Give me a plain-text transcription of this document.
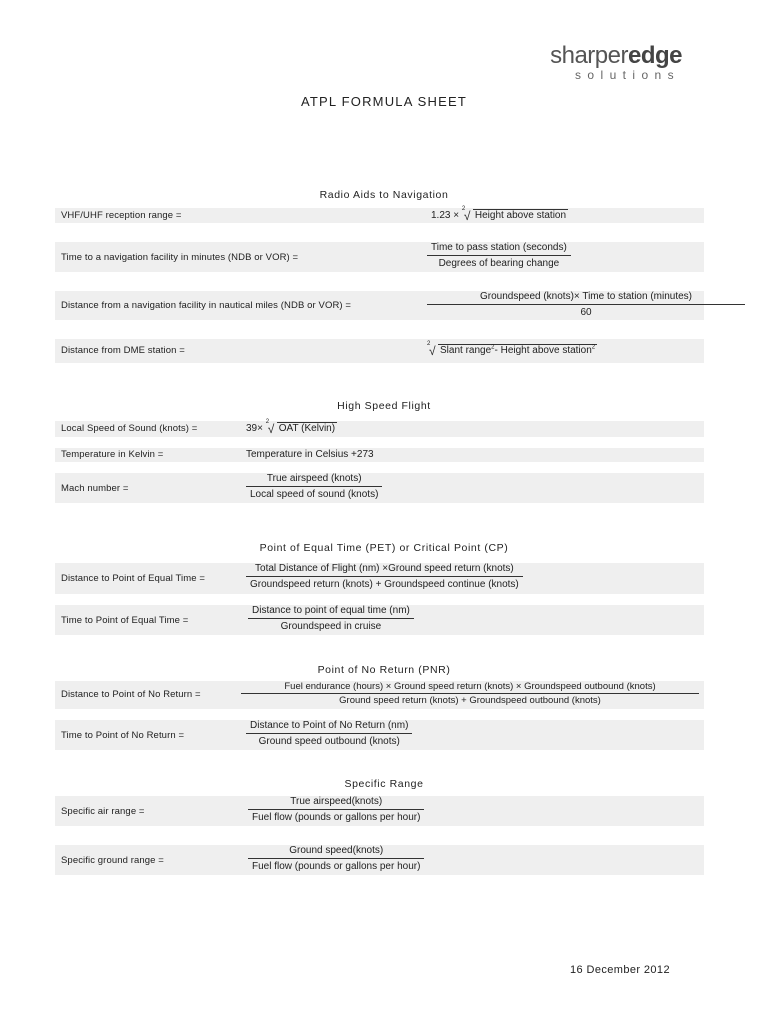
sharperedge
solutions
ATPL FORMULA SHEET
Radio Aids to Navigation
VHF/UHF reception range =	1.23 ×
2
√ Height above station
Time to a navigation facility in minutes (NDB or VOR) =
Time to pass station (seconds)
Degrees of bearing change
Distance from a navigation facility in nautical miles (NDB or VOR) =
Groundspeed (knots)× Time to station (minutes)
60
Distance from DME station =
2
√ Slant range$^2$- Height above station$^2$
High Speed Flight
Local Speed of Sound (knots) =	39×
2
√ OAT (Kelvin)
Temperature in Kelvin =	Temperature in Celsius +273
Mach number =
True airspeed (knots)
Local speed of sound (knots)
Point of Equal Time (PET) or Critical Point (CP)
Distance to Point of Equal Time =
Total Distance of Flight (nm) ×Ground speed return (knots)
Groundspeed return (knots) + Groundspeed continue (knots)
Time to Point of Equal Time =
Distance to point of equal time (nm)
Groundspeed in cruise
Point of No Return (PNR)
Distance to Point of No Return =
Fuel endurance (hours) × Ground speed return (knots) × Groundspeed outbound (knots)
Ground speed return (knots) + Groundspeed outbound (knots)
Time to Point of No Return =
Distance to Point of No Return (nm)
Ground speed outbound (knots)
Specific Range
Specific air range =
True airspeed(knots)
Fuel flow (pounds or gallons per hour)
Specific ground range =
Ground speed(knots)
Fuel flow (pounds or gallons per hour)
16 December 2012
